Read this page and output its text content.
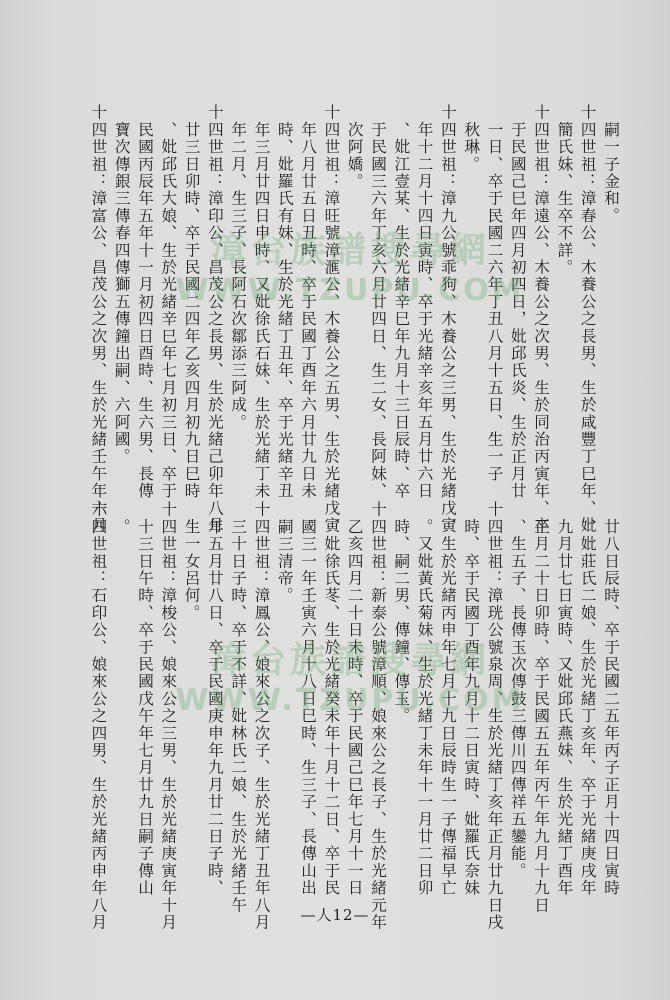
　嗣一子金和。
十四世祖：漳春公、木養公之長男、生於咸豐丁巳年、妣
　簡氏妹、生卒不詳。
十四世祖：漳遠公、木養公之次男、生於同治丙寅年、卒
　于民國己巳年四月初四日，妣邱氏炎、生於正月廿
　一日、卒于民國二六年丁丑八月十五日、生一子
　秋琳。
十四世祖：漳九公號乖狗、木養公之三男、生於光緒戊寅
　年十二月十四日寅時、卒于光緒辛亥年五月廿六日
　、妣江壹某、生於光緒辛巳年九月十三日辰時、卒
　于民國三六年丁亥六月廿四日、生二女、長阿妹、
　次阿嬌。
十四世祖：漳旺號漳滙公、木養公之五男、生於光緒戊寅
　年八月廿五日丑時、卒于民國丁酉年六月廿九日未
　時、妣羅氏有妹、生於光緒丁丑年、卒于光緒辛丑
　年三月廿四日申時、又妣徐氏石妹、生於光緒丁未
　年二月、生三子、長阿石次鄒添三阿成。
十四世祖：漳印公、昌茂公之長男、生於光緒己卯年八月
　廿三日卯時、卒于民國二四年乙亥四月初九日巳時
　、妣邱氏大娘、生於光緒辛巳年七月初三日、卒于
　民國丙辰年五年十一月初四日酉時、生六男、長傳
　寶次傳銀三傳春四傳獅五傳鐘出嗣、六阿國。
十四世祖：漳富公、昌茂公之次男、生於光緒壬午年六月
　廿八日辰時、卒于民國二五年丙子正月十四日寅時
　、妣莊氏二娘、生於光緒丁亥年、卒于光緒庚戌年
　九月廿七日寅時、又妣邱氏燕妹、生於光緒丁酉年
　正月二十日卯時、卒于民國五五年丙午年九月十九日
　、生五子、長傳玉次傳鼓三傳川四傳祥五鑾能。
十四世祖：漳珖公號泉周、生於光緒丁亥年正月廿九日戌
　時、卒于民國丁酉年九月十二日寅時、妣羅氏奈妹
　、生於光緒丙申年七月十九日辰時生一子傳福早亡
　。又妣黃氏菊妹、生於光緒丁未年十一月廿二日卯
　時、嗣二男、傳鐘、傳玉。
十四世祖：新泰公號漳順、娘來公之長子、生於光緒元年
　乙亥四月二十日未時、卒于民國己巳年七月十一日
　、妣徐氏苳、生於光緒癸未年十月十二日、卒于民
　國三一年壬寅六月十八日巳時、生三子、長傳山出
　嗣三清帝。
十四世祖：漳鳳公、娘來公之次子、生於光緒丁丑年八月
　三十日子時、卒于不詳、妣林氏二娘、生於光緒壬午
　年五月廿八日、卒于民國庚申年九月廿二日子時、
　生一女呂何。
十四世祖：漳梭公、娘來公之三男、生於光緒庚寅年十月
　十三日午時、卒于民國戊午年七月廿九日嗣子傳山
　。
十四世祖：石印公、娘來公之四男、生於光緒丙申年八月
漳台族譜搜尋網
WWW.TZUPU.COM
漳台族譜搜尋網
WWW.TZUPU.COM
—人12—
